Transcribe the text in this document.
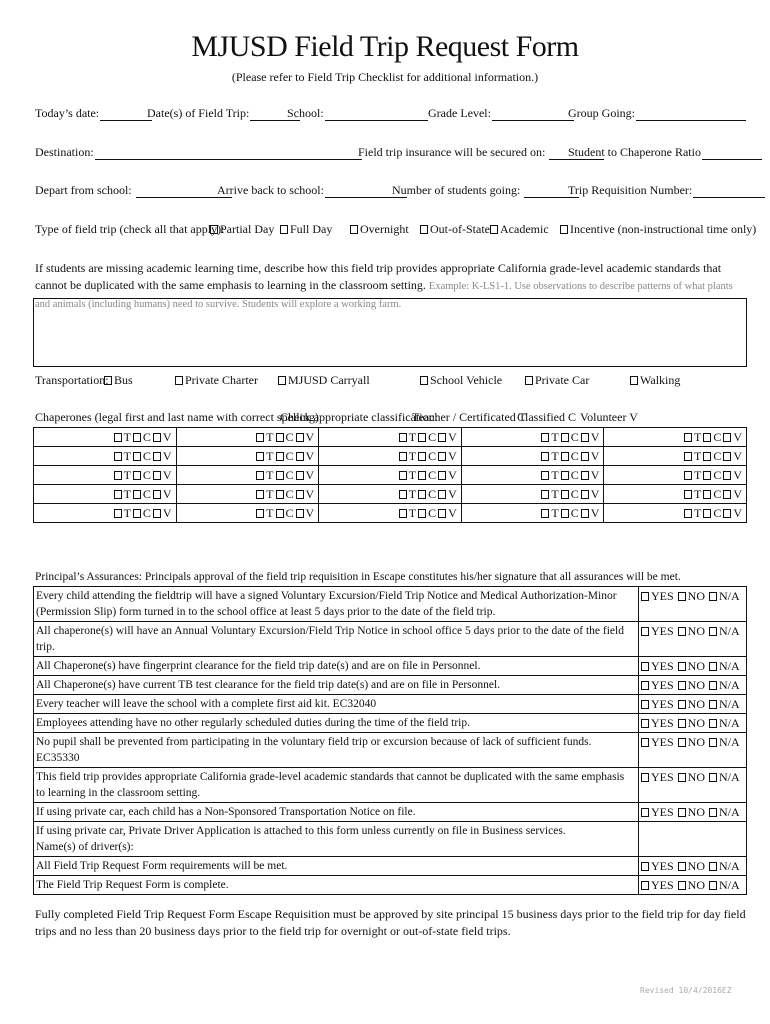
MJUSD Field Trip Request Form
(Please refer to Field Trip Checklist for additional information.)
Today’s date:	Date(s) of Field Trip:	School:	Grade Level:	Group Going:
Destination:	Field trip insurance will be secured on: Student to Chaperone Ratio
Depart from school:	Arrive back to school:	Number of students going:	Trip Requisition Number:
Type of field trip (check all that apply):
Partial Day	Full Day	Overnight	Out-of-State Academic	Incentive (non-instructional time only)
If students are missing academic learning time, describe how this field trip provides appropriate California grade-level academic standards that cannot be duplicated with the same emphasis to learning in the classroom setting. Example: K-LS1-1. Use observations to describe patterns of what plants and animals (including humans) need to survive. Students will explore a working farm.
Transportation: Bus	Private Charter	MJUSD Carryall	School Vehicle	Private Car	Walking
Chaperones (legal first and last name with correct spelling)
Check appropriate classification:
Teacher / Certificated T
Classified C Volunteer V
T C V	T C V	T C V	T C V	T C V
T C V	T C V	T C V	T C V	T C V
T C V	T C V	T C V	T C V	T C V
T C V	T C V	T C V	T C V	T C V
T C V	T C V	T C V	T C V	T C V
Principal’s Assurances: Principals approval of the field trip requisition in Escape constitutes his/her signature that all assurances will be met.
Every child attending the fieldtrip will have a signed Voluntary Excursion/Field Trip Notice and Medical Authorization-Minor (Permission Slip) form turned in to the school office at least 5 days prior to the date of the field trip.	YES NO N/A
All chaperone(s) will have an Annual Voluntary Excursion/Field Trip Notice in school office 5 days prior to the date of the field trip.	YES NO N/A
All Chaperone(s) have fingerprint clearance for the field trip date(s) and are on file in Personnel.	YES NO N/A
All Chaperone(s) have current TB test clearance for the field trip date(s) and are on file in Personnel.	YES NO N/A
Every teacher will leave the school with a complete first aid kit. EC32040	YES NO N/A
Employees attending have no other regularly scheduled duties during the time of the field trip.	YES NO N/A
No pupil shall be prevented from participating in the voluntary field trip or excursion because of lack of sufficient funds. EC35330	YES NO N/A
This field trip provides appropriate California grade-level academic standards that cannot be duplicated with the same emphasis to learning in the classroom setting.	YES NO N/A
If using private car, each child has a Non-Sponsored Transportation Notice on file.	YES NO N/A
If using private car, Private Driver Application is attached to this form unless currently on file in Business services.
Name(s) of driver(s):	
All Field Trip Request Form requirements will be met.	YES NO N/A
The Field Trip Request Form is complete.	YES NO N/A
Fully completed Field Trip Request Form Escape Requisition must be approved by site principal 15 business days prior to the field trip for day field trips and no less than 20 business days prior to the field trip for overnight or out-of-state field trips.
Revised 10/4/2016EZ
